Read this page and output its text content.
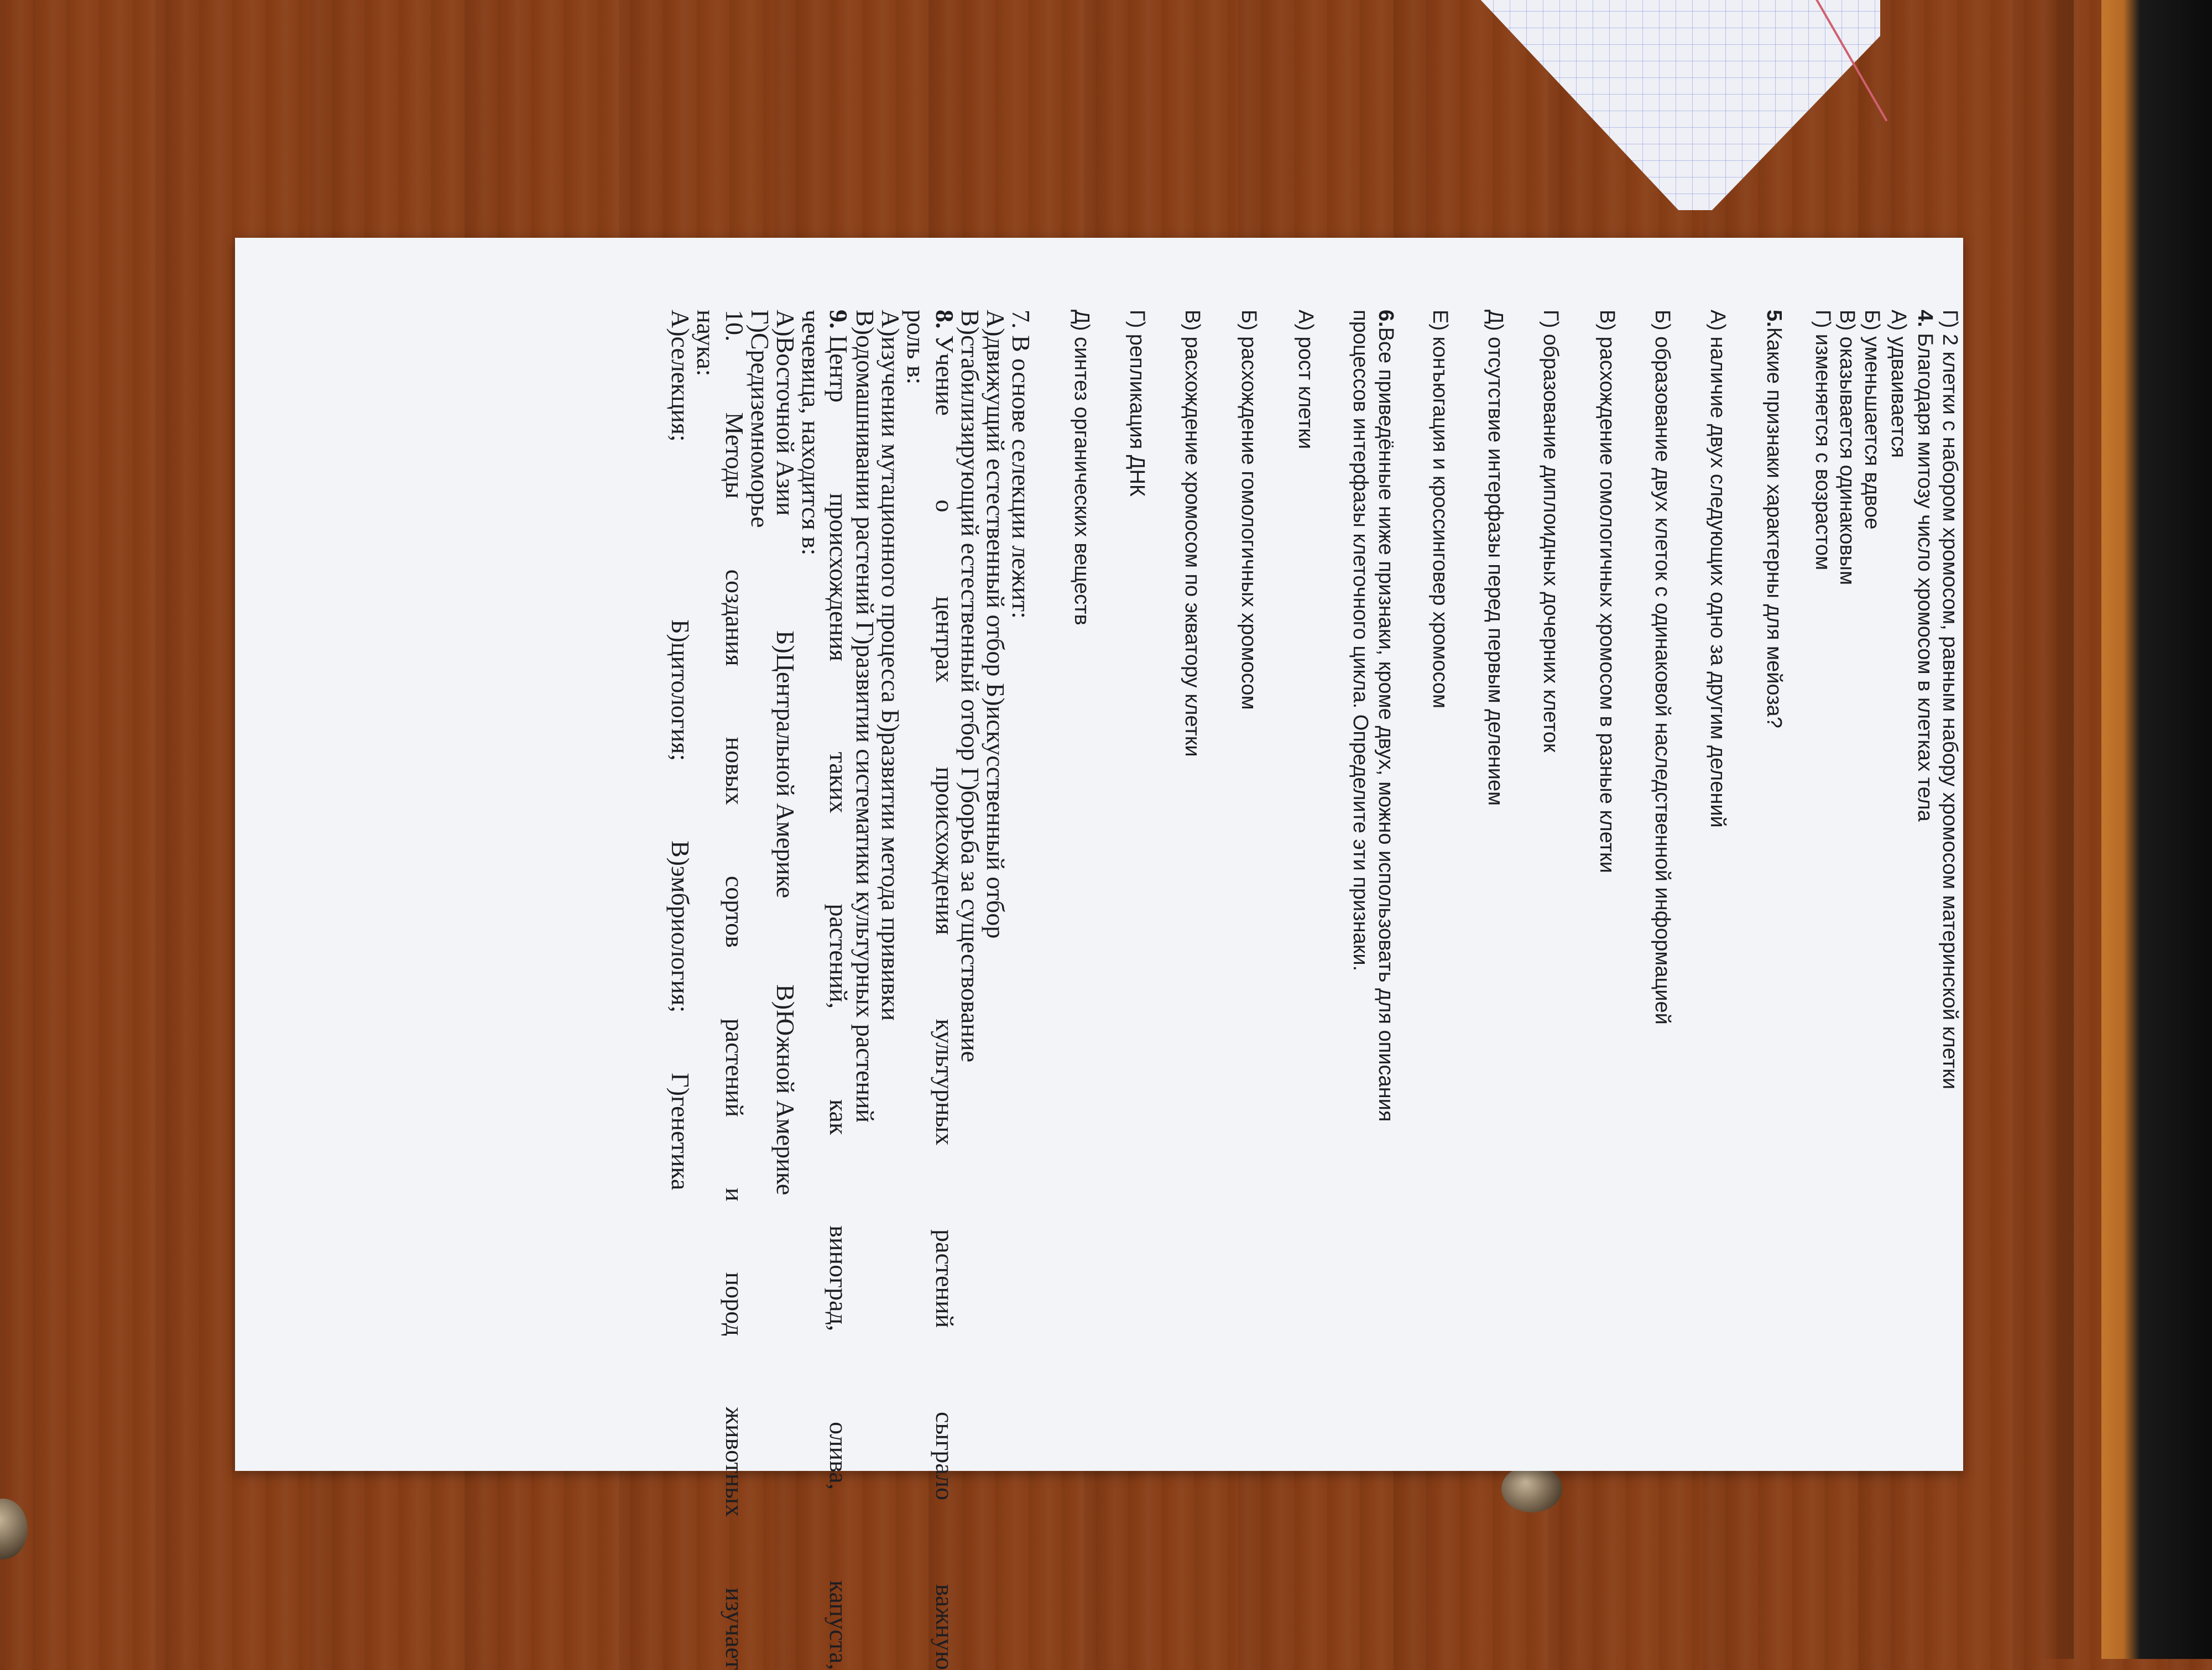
Г) 2 клетки с набором хромосом, равным набору хромосом материнской клетки
4. Благодаря митозу число хромосом в клетках тела
А) удваивается
Б) уменьшается вдвое
В) оказывается одинаковым
Г) изменяется с возрастом
5.Какие признаки характерны для мейоза?
А) наличие двух следующих одно за другим делений
Б) образование двух клеток с одинаковой наследственной информацией
В) расхождение гомологичных хромосом в разные клетки
Г) образование диплоидных дочерних клеток
Д) отсутствие интерфазы перед первым делением
Е) конъюгация и кроссинговер хромосом
6.Все приведённые ниже признаки, кроме двух, можно использовать для описания
процессов интерфазы клеточного цикла. Определите эти признаки.
А) рост клетки
Б) расхождение гомологичных хромосом
В) расхождение хромосом по экватору клетки
Г) репликация ДНК
Д) синтез органических веществ
7. В основе селекции лежит:
А)движущий естественный отбор Б)искусственный отбор
В)стабилизирующий естественный отбор Г)борьба за существование
8. Учение
о
центрах
происхождения
культурных
растений
сыграло
важную
роль в:
А)изучении мутационного процесса Б)развитии метода прививки
В)одомашнивании растений Г)развитии систематики культурных растений
9. Центр
происхождения
таких
растений,
как
виноград,
олива,
капуста,
чечевица, находится в:
А)Восточной АзииБ)Центральной АмерикеВ)Южной Америке
Г)Средиземноморье
10.
Методы
создания
новых
сортов
растений
и
пород
животных
изучает
наука:
А)селекция;Б)цитология;В)эмбриология;Г)генетика
